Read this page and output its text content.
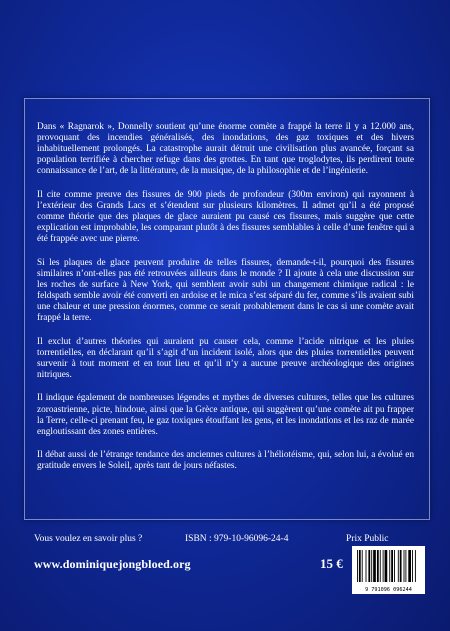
Dans « Ragnarok », Donnelly soutient qu’une énorme comète a frappé la terre il y a 12.000 ans, provoquant des incendies généralisés, des inondations, des gaz toxiques et des hivers inhabituellement prolongés. La catastrophe aurait détruit une civilisation plus avancée, forçant sa population terrifiée à chercher refuge dans des grottes. En tant que troglodytes, ils perdirent toute connaissance de l’art, de la littérature, de la musique, de la philosophie et de l’ingénierie.

Il cite comme preuve des fissures de 900 pieds de profondeur (300m environ) qui rayonnent à l’extérieur des Grands Lacs et s’étendent sur plusieurs kilomètres. Il admet qu’il a été proposé comme théorie que des plaques de glace auraient pu causé ces fissures, mais suggère que cette explication est improbable, les comparant plutôt à des fissures semblables à celle d’une fenêtre qui a été frappée avec une pierre.

Si les plaques de glace peuvent produire de telles fissures, demande-t-il, pourquoi des fissures similaires n’ont-elles pas été retrouvées ailleurs dans le monde ? Il ajoute à cela une discussion sur les roches de surface à New York, qui semblent avoir subi un changement chimique radical : le feldspath semble avoir été converti en ardoise et le mica s’est séparé du fer, comme s’ils avaient subi une chaleur et une pression énormes, comme ce serait probablement dans le cas si une comète avait frappé la terre.

Il exclut d’autres théories qui auraient pu causer cela, comme l’acide nitrique et les pluies torrentielles, en déclarant qu’il s’agit d’un incident isolé, alors que des pluies torrentielles peuvent survenir à tout moment et en tout lieu et qu’il n’y a aucune preuve archéologique des origines nitriques.

Il indique également de nombreuses légendes et mythes de diverses cultures, telles que les cultures zoroastrienne, picte, hindoue, ainsi que la Grèce antique, qui suggèrent qu’une comète ait pu frapper la Terre, celle-ci prenant feu, le gaz toxiques étouffant les gens, et les inondations et les raz de marée engloutissant des zones entières.

Il débat aussi de l’étrange tendance des anciennes cultures à l’héliotéisme, qui, selon lui, a évolué en gratitude envers le Soleil, après tant de jours néfastes.

Vous voulez en savoir plus ?	ISBN : 979-10-96096-24-4	Prix Public
www.dominiquejongbloed.org	15 €
9 791096 096244
